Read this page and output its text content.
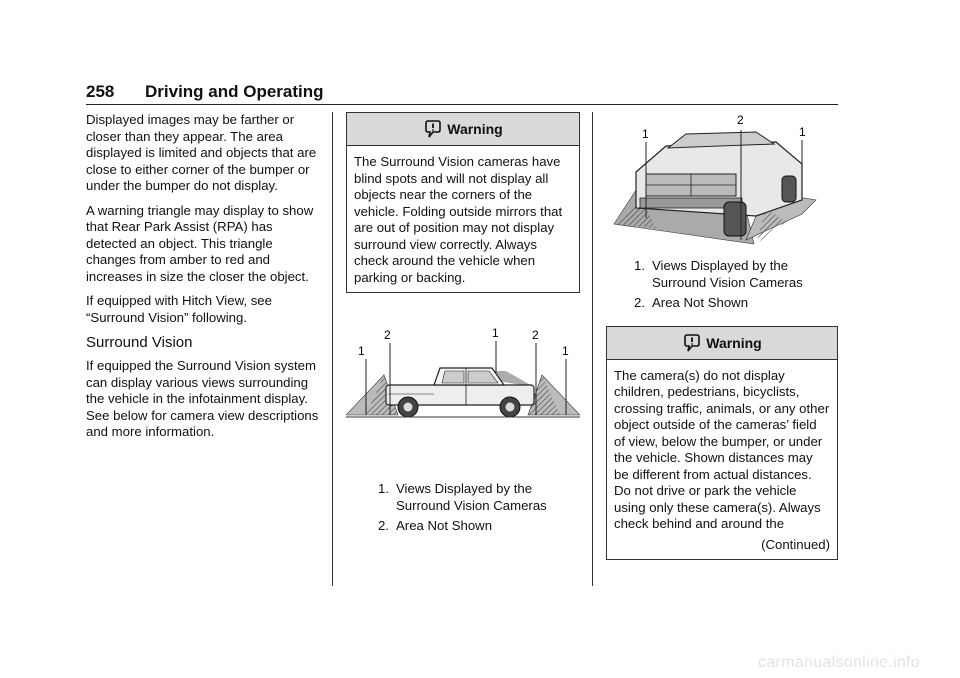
258 Driving and Operating

Displayed images may be farther or closer than they appear. The area displayed is limited and objects that are close to either corner of the bumper or under the bumper do not display.

A warning triangle may display to show that Rear Park Assist (RPA) has detected an object. This triangle changes from amber to red and increases in size the closer the object.

If equipped with Hitch View, see “Surround Vision” following.

Surround Vision

If equipped the Surround Vision system can display various views surrounding the vehicle in the infotainment display. See below for camera view descriptions and more information.

Warning
The Surround Vision cameras have blind spots and will not display all objects near the corners of the vehicle. Folding outside mirrors that are out of position may not display surround view correctly. Always check around the vehicle when parking or backing.
2	1	2
1	1
1. Views Displayed by the Surround Vision Cameras
2. Area Not Shown
2
1	1
1. Views Displayed by the Surround Vision Cameras
2. Area Not Shown
Warning
The camera(s) do not display children, pedestrians, bicyclists, crossing traffic, animals, or any other object outside of the cameras’ field of view, below the bumper, or under the vehicle. Shown distances may be different from actual distances. Do not drive or park the vehicle using only these camera(s). Always check behind and around the
(Continued)
carmanualsonline.info
